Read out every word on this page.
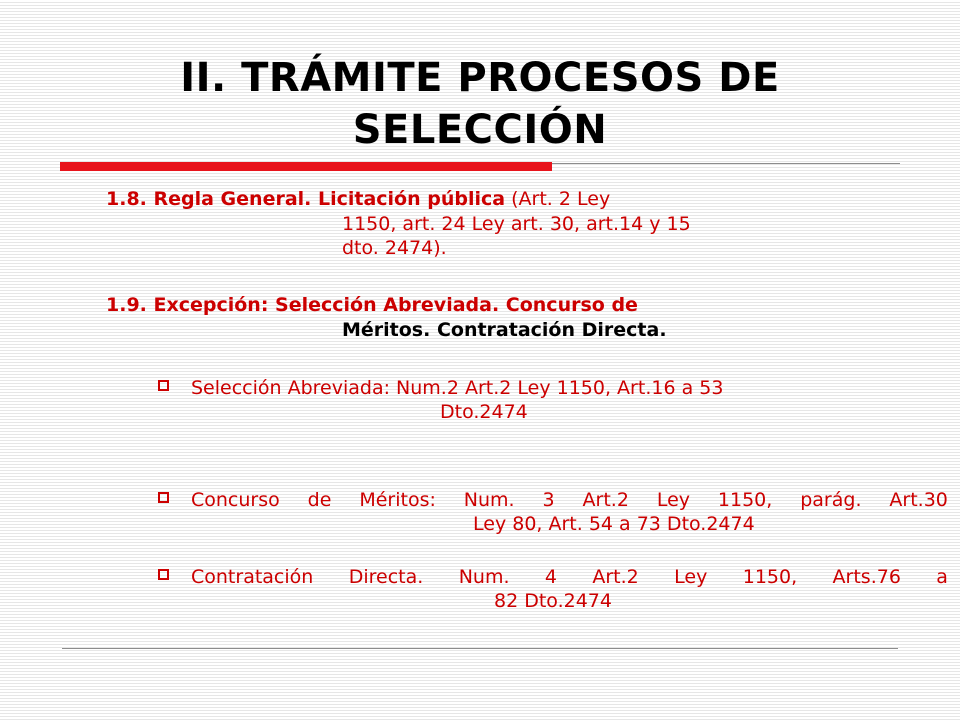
II. TRÁMITE PROCESOS DE
SELECCIÓN
1.8. Regla General. Licitación pública (Art. 2 Ley
1150, art. 24 Ley art. 30, art.14 y 15
dto. 2474).
1.9. Excepción: Selección Abreviada. Concurso de
Méritos. Contratación Directa.
Selección Abreviada: Num.2 Art.2 Ley 1150, Art.16 a 53
Dto.2474
Concurso de Méritos: Num. 3 Art.2 Ley 1150, parág. Art.30
Ley 80, Art. 54 a 73 Dto.2474
Contratación Directa. Num. 4 Art.2 Ley 1150, Arts.76 a
82 Dto.2474
